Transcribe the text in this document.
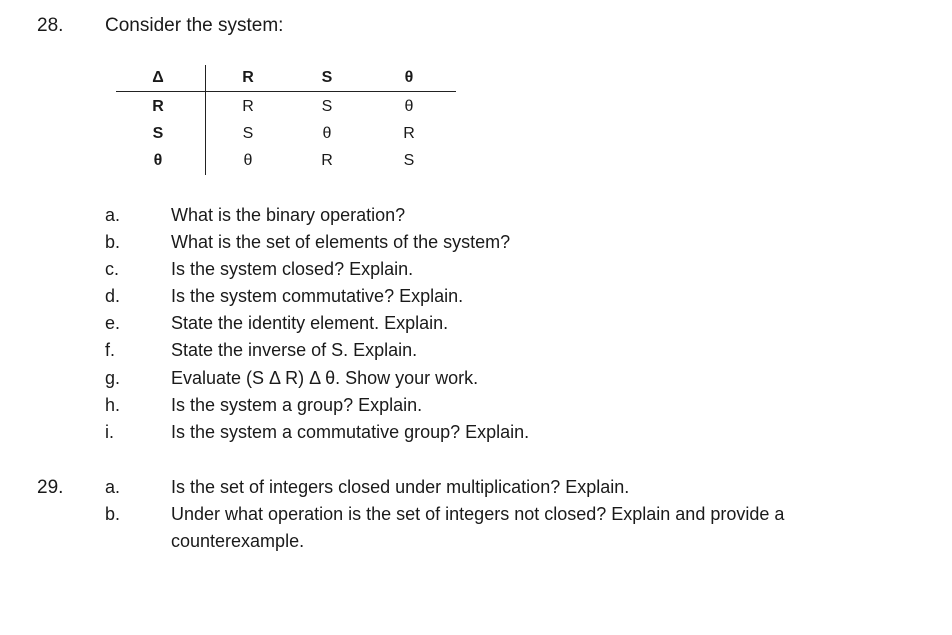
28. Consider the system:
Δ	R	S	θ
R	R	S	θ
S	S	θ	R
θ	θ	R	S
a.	What is the binary operation?
b.	What is the set of elements of the system?
c.	Is the system closed? Explain.
d.	Is the system commutative? Explain.
e.	State the identity element. Explain.
f.	State the inverse of S. Explain.
g.	Evaluate (S Δ R) Δ θ. Show your work.
h.	Is the system a group? Explain.
i.	Is the system a commutative group? Explain.
29. a.	Is the set of integers closed under multiplication? Explain.
b.	Under what operation is the set of integers not closed? Explain and provide a
counterexample.
